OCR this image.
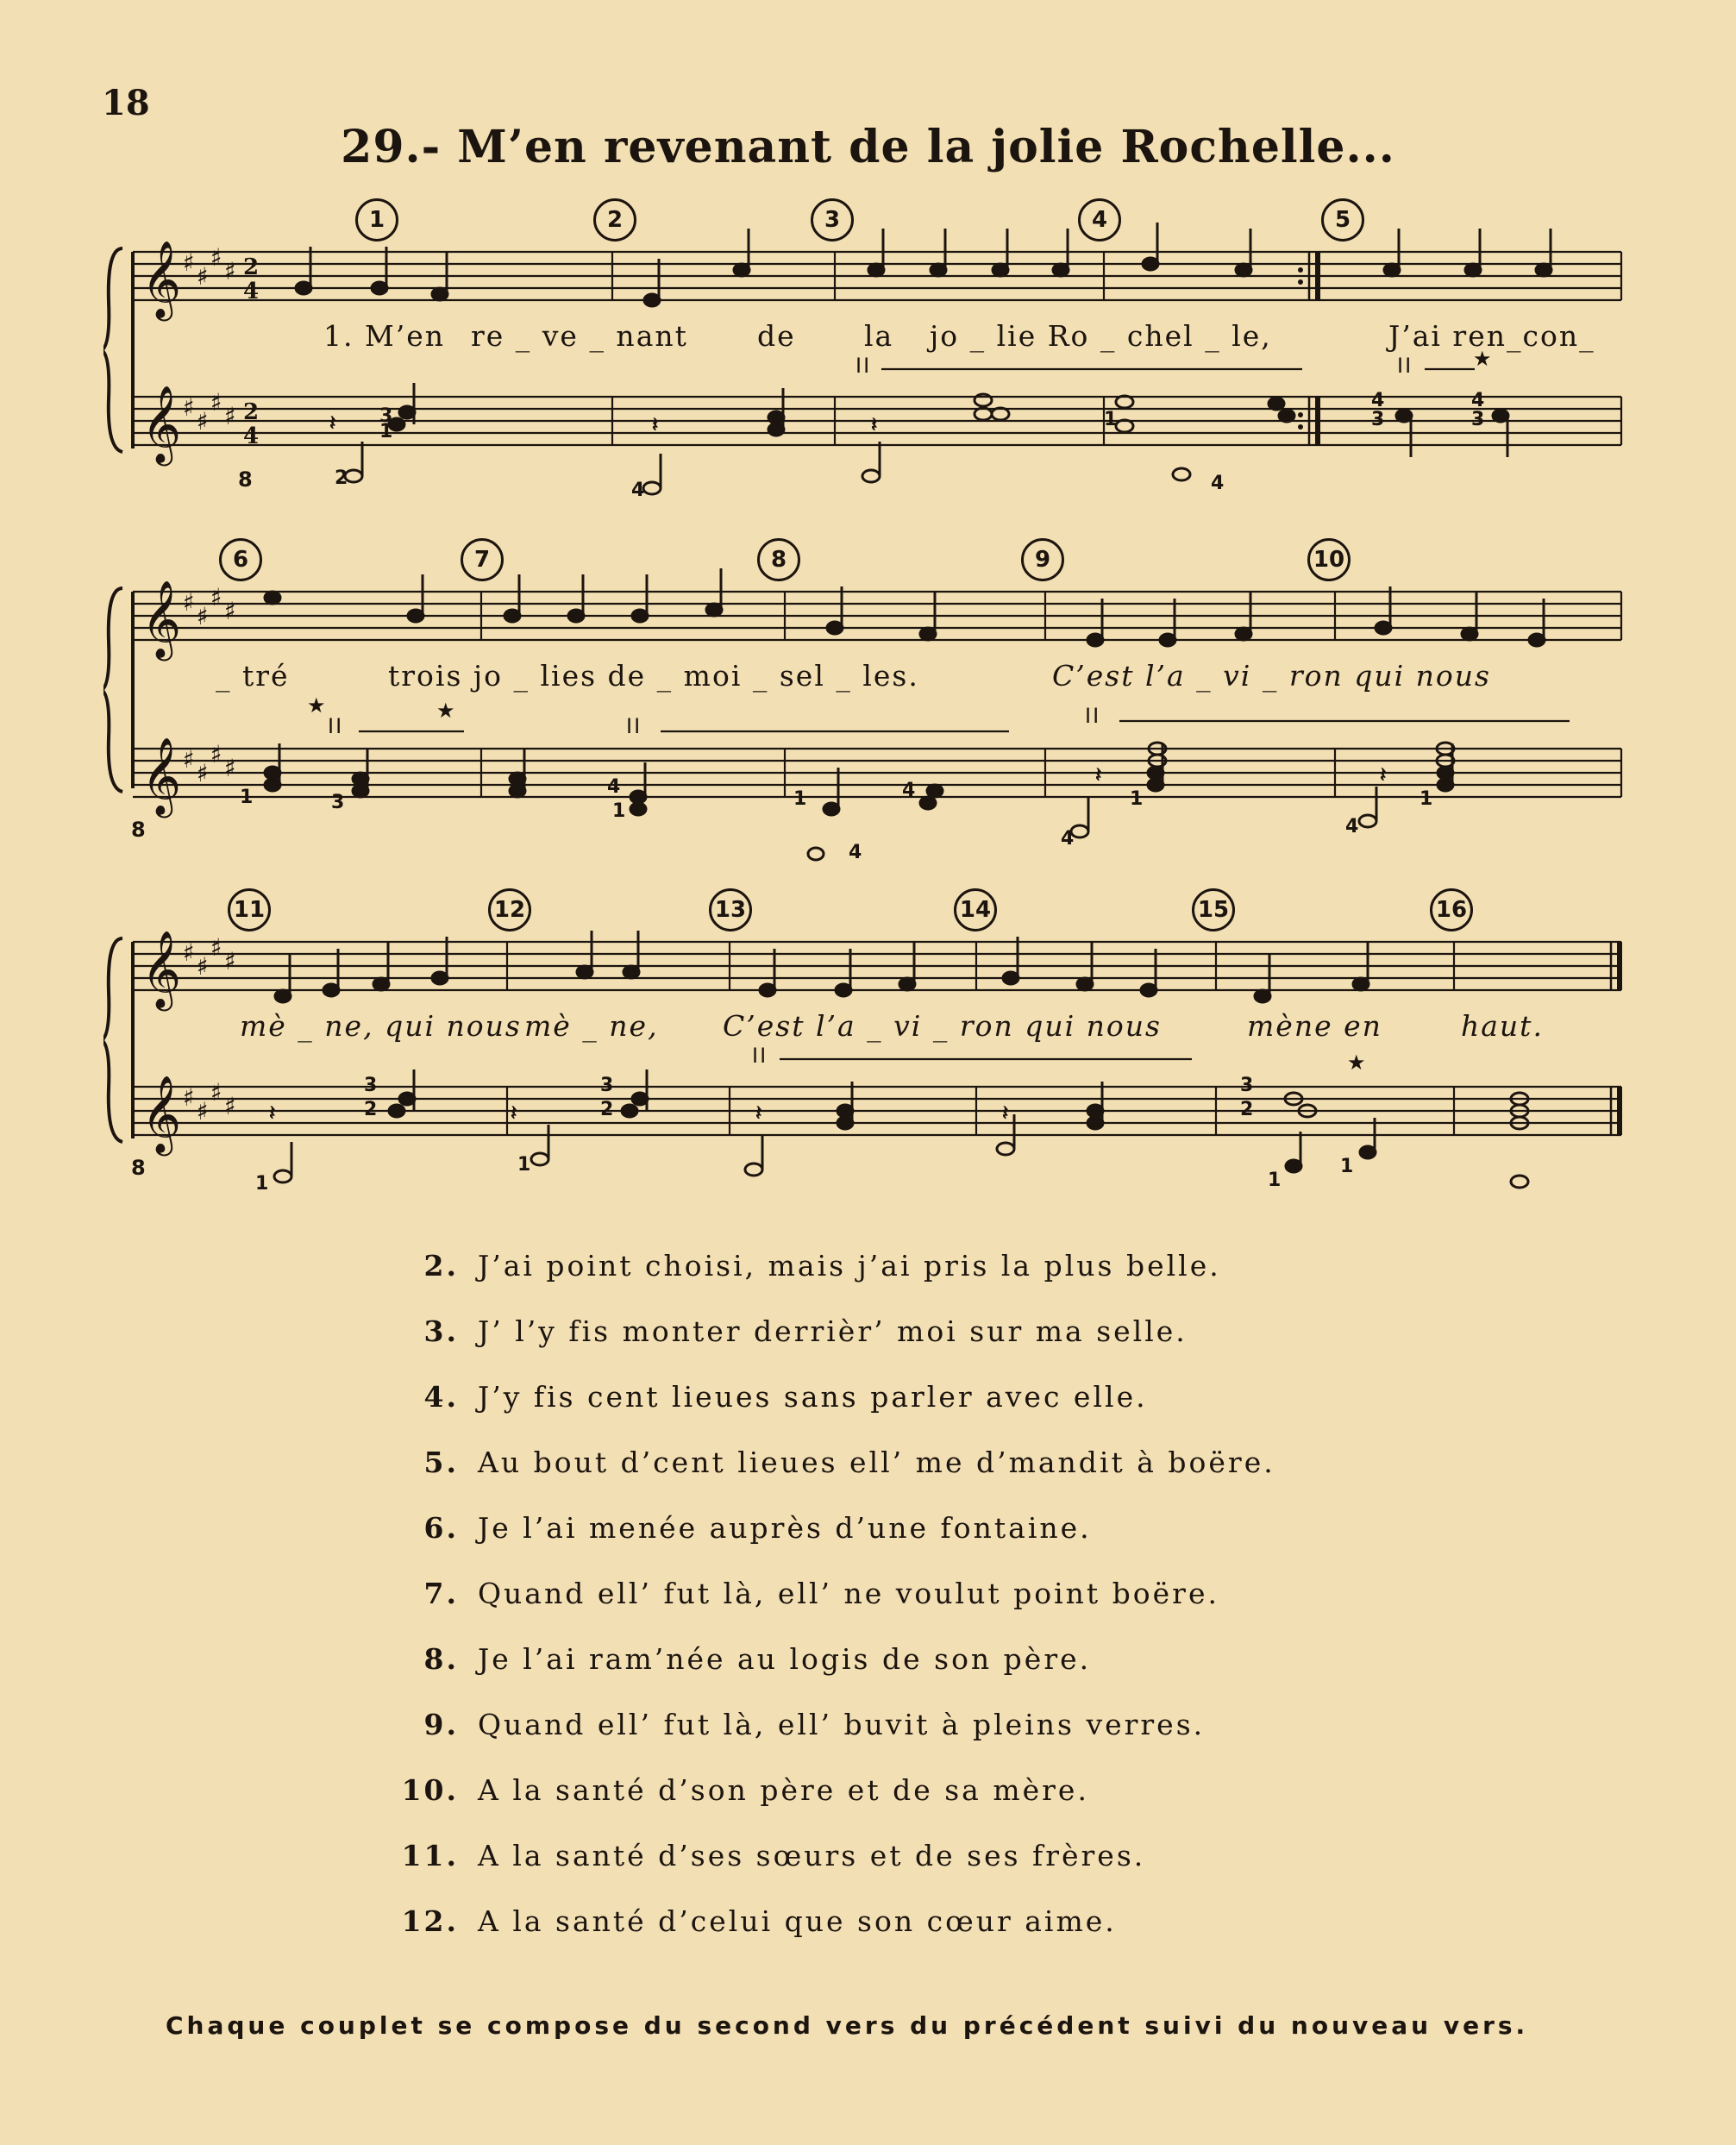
18
29.- M’en revenant de la jolie Rochelle...
𝄞
𝄞
♯ ♯
♯ ♯
♯ ♯
♯ ♯
2
4
2
4
𝄽	𝄽	𝄽
1	2	3	4	5
1. M’en re _ ve _ nant de la jo _ lie Ro _ chel _ le,	J’ai ren_con_
II	II	★
2
3
1
4
1
4
4
3
4
3
8
𝄞
𝄞
♯ ♯
♯ ♯
♯ ♯
♯ ♯	𝄽	𝄽
6	7	8	9	10
_ tré	trois jo _ lies de _ moi _ sel _ les.	C’est l’a _ vi _ ron qui nous
★
II
★
II	II
1	3
4
1
1	4
4
4
1
4
1
8
𝄞
𝄞
♯ ♯
♯ ♯
♯ ♯
♯ ♯ 𝄽	𝄽	𝄽	𝄽
11	12	13	14	15	16
mè _ ne, qui nous mè _ ne, C’est l’a _ vi _ ron qui nous	mène en	haut.
II	★
3
2
1
3
2
1
3
2
1
1
8
2. J’ai point choisi, mais j’ai pris la plus belle.
3. J’ l’y fis monter derrièr’ moi sur ma selle.
4. J’y fis cent lieues sans parler avec elle.
5. Au bout d’cent lieues ell’ me d’mandit à boëre.
6. Je l’ai menée auprès d’une fontaine.
7. Quand ell’ fut là, ell’ ne voulut point boëre.
8. Je l’ai ram’née au logis de son père.
9. Quand ell’ fut là, ell’ buvit à pleins verres.
10. A la santé d’son père et de sa mère.
11. A la santé d’ses sœurs et de ses frères.
12. A la santé d’celui que son cœur aime.
Chaque couplet se compose du second vers du précédent suivi du nouveau vers.
